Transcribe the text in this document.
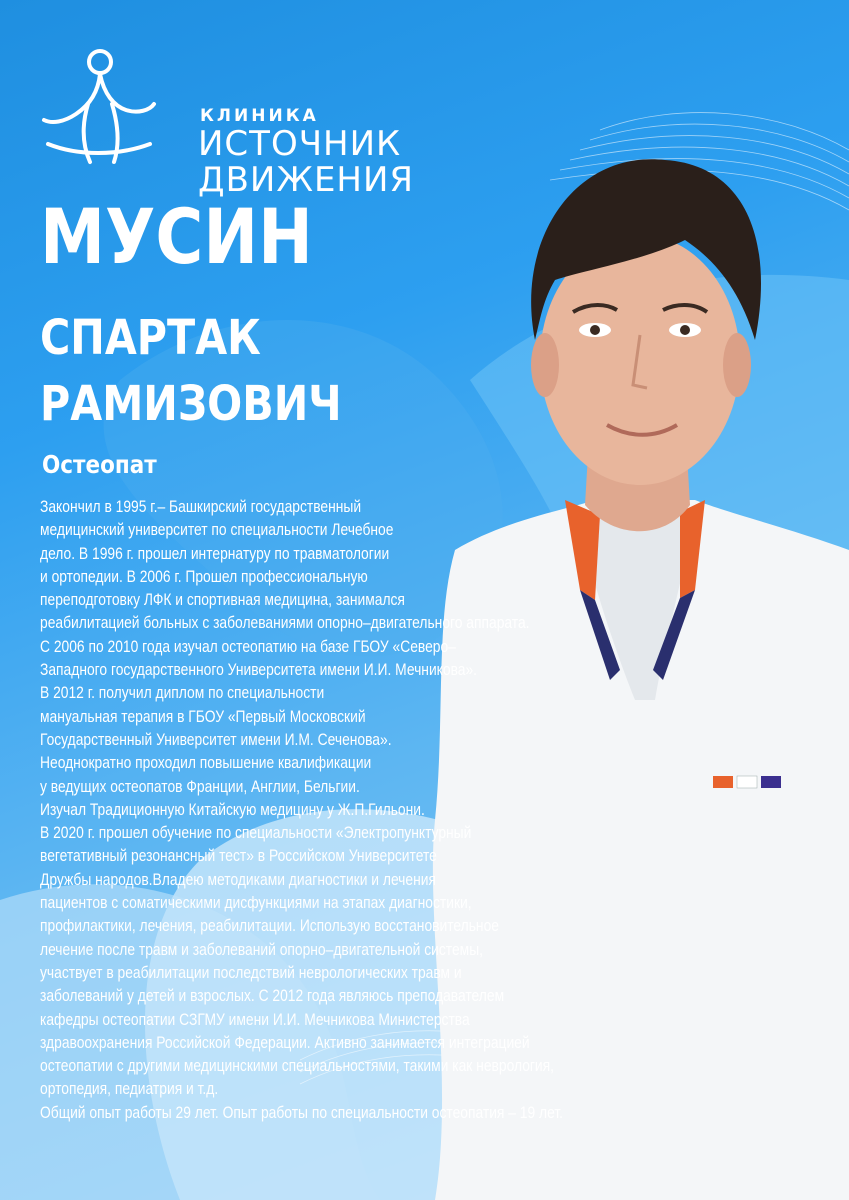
КЛИНИКА
ИСТОЧНИК
ДВИЖЕНИЯ
МУСИН
СПАРТАК
РАМИЗОВИЧ
Остеопат

Закончил в 1995 г.– Башкирский государственный

медицинский университет по специальности Лечебное

дело. В 1996 г. прошел интернатуру по травматологии

и ортопедии. В 2006 г. Прошел профессиональную

переподготовку ЛФК и спортивная медицина, занимался

реабилитацией больных с заболеваниями опорно–двигательного аппарата.

С 2006 по 2010 года изучал остеопатию на базе ГБОУ «Северо–

Западного государственного Университета имени И.И. Мечникова».

В 2012 г. получил диплом по специальности

мануальная терапия в ГБОУ «Первый Московский

Государственный Университет имени И.М. Сеченова».

Неоднократно проходил повышение квалификации

у ведущих остеопатов Франции, Англии, Бельгии.

Изучал Традиционную Китайскую медицину у Ж.П.Гильони.

В 2020 г. прошел обучение по специальности «Электропунктурный

вегетативный резонансный тест» в Российском Университете

Дружбы народов.Владею методиками диагностики и лечения

пациентов с соматическими дисфункциями на этапах диагностики,

профилактики, лечения, реабилитации. Использую восстановительное

лечение после травм и заболеваний опорно–двигательной системы,

участвует в реабилитации последствий неврологических травм и

заболеваний у детей и взрослых. С 2012 года являюсь преподавателем

кафедры остеопатии СЗГМУ имени И.И. Мечникова Министерства

здравоохранения Российской Федерации. Активно занимается интеграцией

остеопатии с другими медицинскими специальностями, такими как неврология,

ортопедия, педиатрия и т.д.

Общий опыт работы 29 лет. Опыт работы по специальности остеопатия – 19 лет.
